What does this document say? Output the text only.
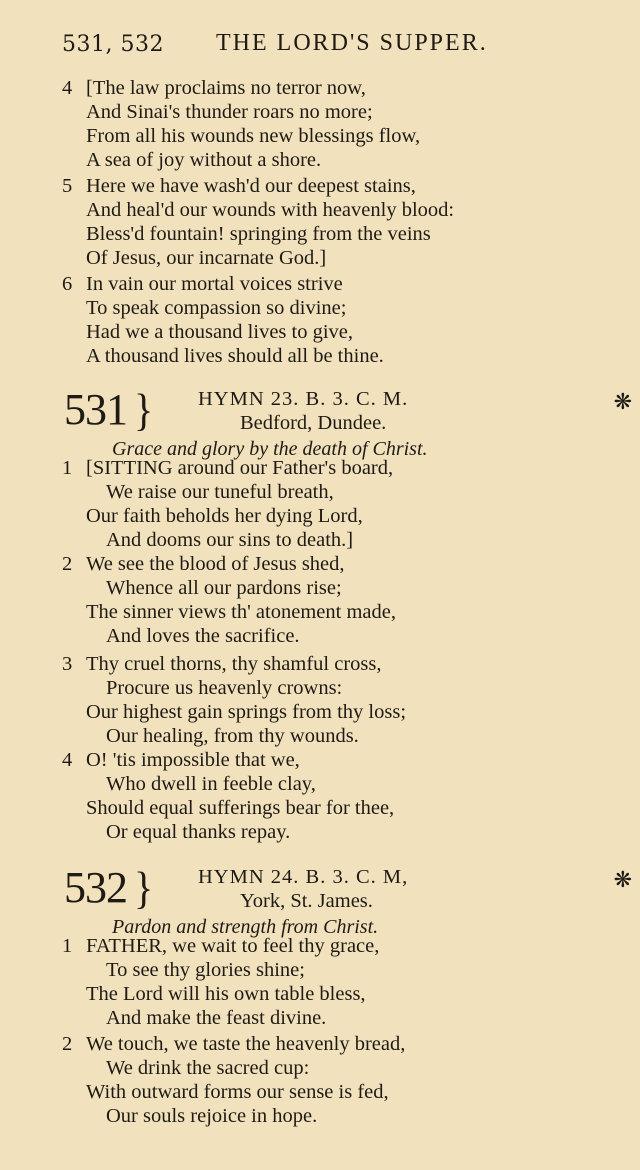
531, 532 THE LORD'S SUPPER.
4 [The law proclaims no terror now,
And Sinai's thunder roars no more;
From all his wounds new blessings flow,
A sea of joy without a shore.
5 Here we have wash'd our deepest stains,
And heal'd our wounds with heavenly blood:
Bless'd fountain! springing from the veins
Of Jesus, our incarnate God.]
6 In vain our mortal voices strive
To speak compassion so divine;
Had we a thousand lives to give,
A thousand lives should all be thine.
531 } HYMN 23. B. 3. C. M.
Bedford, Dundee.
❋
Grace and glory by the death of Christ.
1 [SITTING around our Father's board,
We raise our tuneful breath,
Our faith beholds her dying Lord,
And dooms our sins to death.]
2 We see the blood of Jesus shed,
Whence all our pardons rise;
The sinner views th' atonement made,
And loves the sacrifice.
3 Thy cruel thorns, thy shamful cross,
Procure us heavenly crowns:
Our highest gain springs from thy loss;
Our healing, from thy wounds.
4 O! 'tis impossible that we,
Who dwell in feeble clay,
Should equal sufferings bear for thee,
Or equal thanks repay.
532 } HYMN 24. B. 3. C. M,
York, St. James.
❋
Pardon and strength from Christ.
1 FATHER, we wait to feel thy grace,
To see thy glories shine;
The Lord will his own table bless,
And make the feast divine.
2 We touch, we taste the heavenly bread,
We drink the sacred cup:
With outward forms our sense is fed,
Our souls rejoice in hope.
